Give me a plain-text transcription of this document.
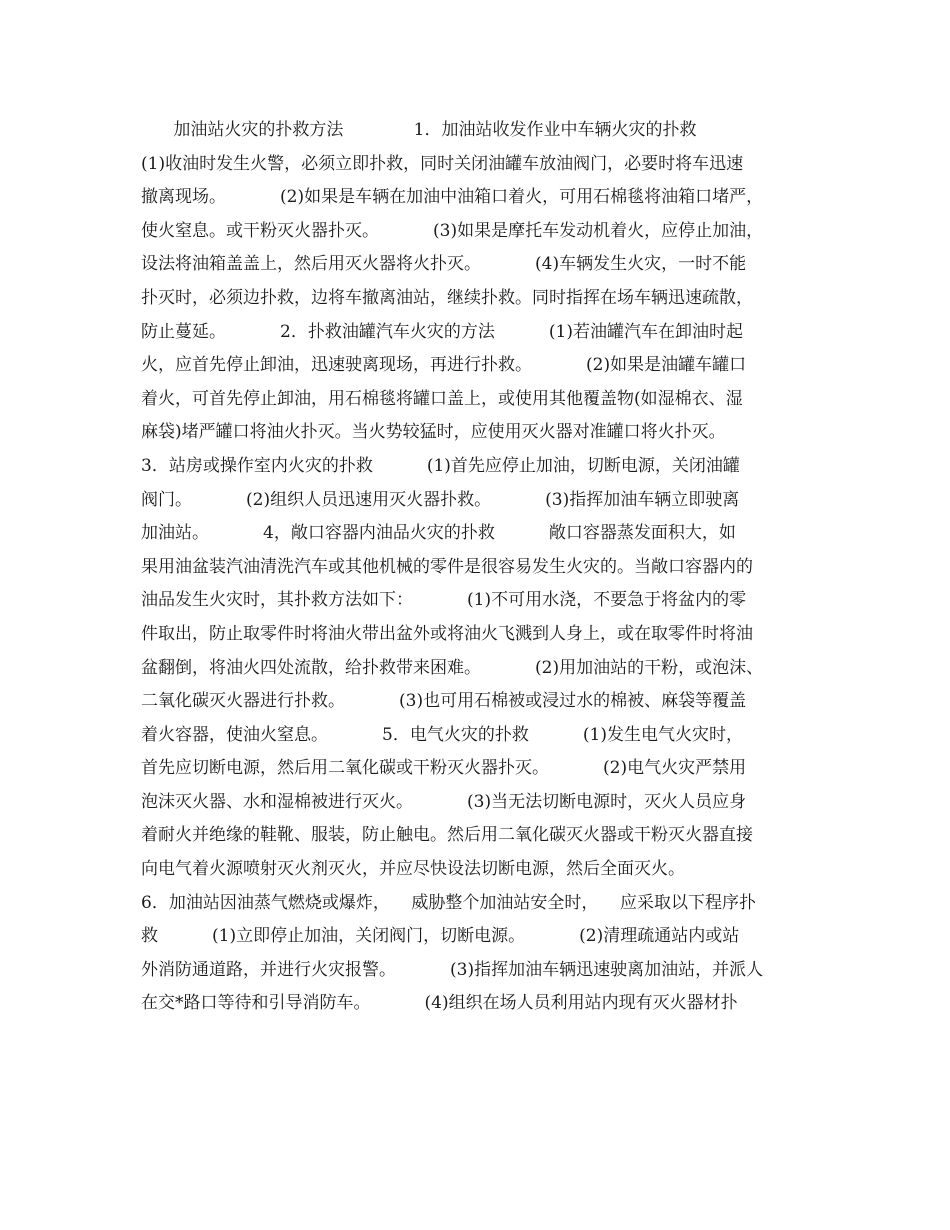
加油站火灾的扑救方法             1．加油站收发作业中车辆火灾的扑救
(1)收油时发生火警，必须立即扑救，同时关闭油罐车放油阀门，必要时将车迅速
撤离现场。          (2)如果是车辆在加油中油箱口着火，可用石棉毯将油箱口堵严，
使火窒息。或干粉灭火器扑灭。          (3)如果是摩托车发动机着火，应停止加油，
设法将油箱盖盖上，然后用灭火器将火扑灭。          (4)车辆发生火灾，一时不能
扑灭时，必须边扑救，边将车撤离油站，继续扑救。同时指挥在场车辆迅速疏散，
防止蔓延。          2．扑救油罐汽车火灾的方法          (1)若油罐汽车在卸油时起
火，应首先停止卸油，迅速驶离现场，再进行扑救。          (2)如果是油罐车罐口
着火，可首先停止卸油，用石棉毯将罐口盖上，或使用其他覆盖物(如湿棉衣、湿
麻袋)堵严罐口将油火扑灭。当火势较猛时，应使用灭火器对准罐口将火扑灭。
3．站房或操作室内火灾的扑救          (1)首先应停止加油，切断电源，关闭油罐
阀门。          (2)组织人员迅速用灭火器扑救。          (3)指挥加油车辆立即驶离
加油站。          4，敞口容器内油品火灾的扑救          敞口容器蒸发面积大，如
果用油盆装汽油清洗汽车或其他机械的零件是很容易发生火灾的。当敞口容器内的
油品发生火灾时，其扑救方法如下：          (1)不可用水浇，不要急于将盆内的零
件取出，防止取零件时将油火带出盆外或将油火飞溅到人身上，或在取零件时将油
盆翻倒，将油火四处流散，给扑救带来困难。          (2)用加油站的干粉，或泡沫、
二氧化碳灭火器进行扑救。          (3)也可用石棉被或浸过水的棉被、麻袋等覆盖
着火容器，使油火窒息。          5．电气火灾的扑救          (1)发生电气火灾时，
首先应切断电源，然后用二氧化碳或干粉灭火器扑灭。          (2)电气火灾严禁用
泡沫灭火器、水和湿棉被进行灭火。          (3)当无法切断电源时，灭火人员应身
着耐火并绝缘的鞋靴、服装，防止触电。然后用二氧化碳灭火器或干粉灭火器直接
向电气着火源喷射灭火剂灭火，并应尽快设法切断电源，然后全面灭火。
6．加油站因油蒸气燃烧或爆炸，    威胁整个加油站安全时，    应采取以下程序扑
救          (1)立即停止加油，关闭阀门，切断电源。          (2)清理疏通站内或站
外消防通道路，并进行火灾报警。          (3)指挥加油车辆迅速驶离加油站，并派人
在交*路口等待和引导消防车。          (4)组织在场人员利用站内现有灭火器材扑
